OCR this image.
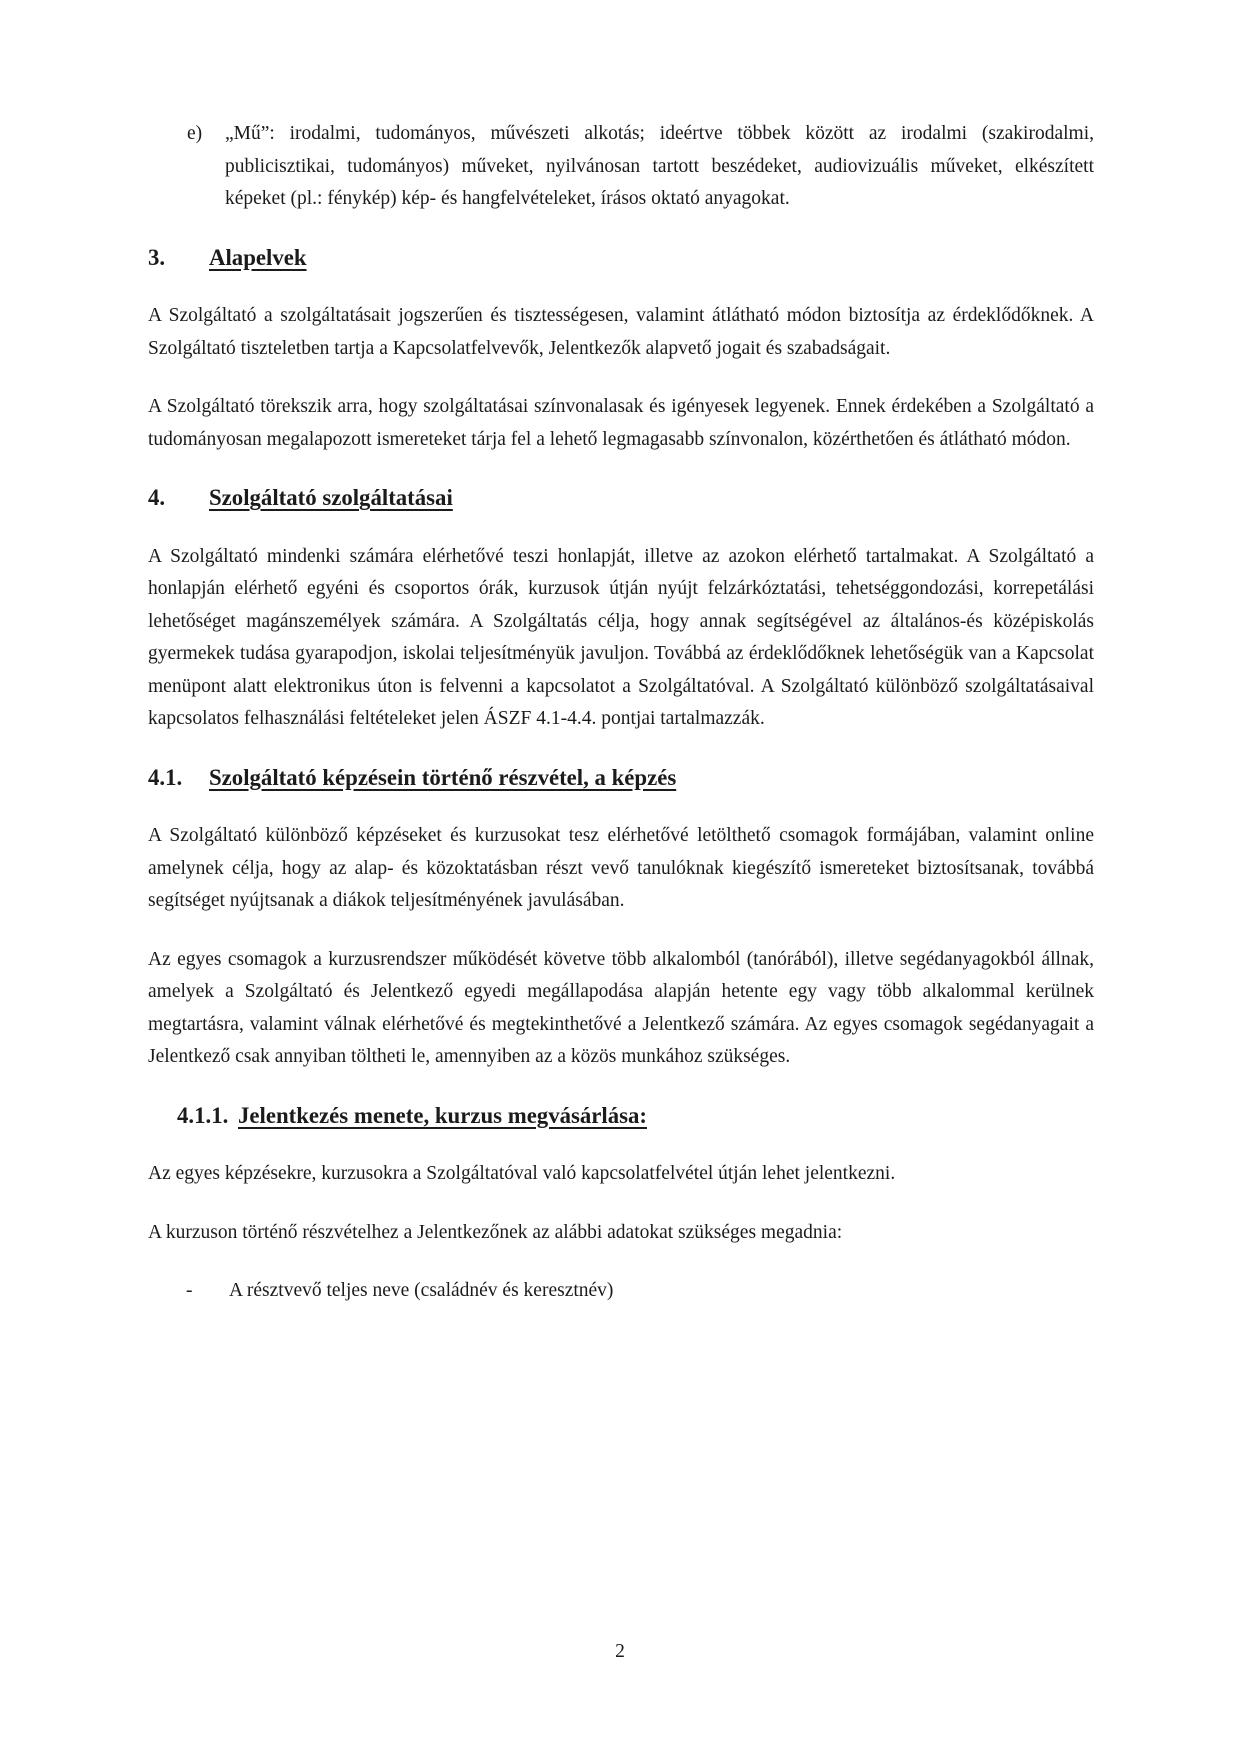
e)	„Mű”: irodalmi, tudományos, művészeti alkotás; ideértve többek között az irodalmi (szakirodalmi, publicisztikai, tudományos) műveket, nyilvánosan tartott beszédeket, audiovizuális műveket, elkészített képeket (pl.: fénykép) kép- és hangfelvételeket, írásos oktató anyagokat.
3.	Alapelvek

A Szolgáltató a szolgáltatásait jogszerűen és tisztességesen, valamint átlátható módon biztosítja az érdeklődőknek. A Szolgáltató tiszteletben tartja a Kapcsolatfelvevők, Jelentkezők alapvető jogait és szabadságait.

A Szolgáltató törekszik arra, hogy szolgáltatásai színvonalasak és igényesek legyenek. Ennek érdekében a Szolgáltató a tudományosan megalapozott ismereteket tárja fel a lehető legmagasabb színvonalon, közérthetően és átlátható módon.

4.	Szolgáltató szolgáltatásai

A Szolgáltató mindenki számára elérhetővé teszi honlapját, illetve az azokon elérhető tartalmakat. A Szolgáltató a honlapján elérhető egyéni és csoportos órák, kurzusok útján nyújt felzárkóztatási, tehetséggondozási, korrepetálási lehetőséget magánszemélyek számára. A Szolgáltatás célja, hogy annak segítségével az általános-és középiskolás gyermekek tudása gyarapodjon, iskolai teljesítményük javuljon. Továbbá az érdeklődőknek lehetőségük van a Kapcsolat menüpont alatt elektronikus úton is felvenni a kapcsolatot a Szolgáltatóval. A Szolgáltató különböző szolgáltatásaival kapcsolatos felhasználási feltételeket jelen ÁSZF 4.1-4.4. pontjai tartalmazzák.

4.1.	Szolgáltató képzésein történő részvétel, a képzés

A Szolgáltató különböző képzéseket és kurzusokat tesz elérhetővé letölthető csomagok formájában, valamint online amelynek célja, hogy az alap- és közoktatásban részt vevő tanulóknak kiegészítő ismereteket biztosítsanak, továbbá segítséget nyújtsanak a diákok teljesítményének javulásában.

Az egyes csomagok a kurzusrendszer működését követve több alkalomból (tanórából), illetve segédanyagokból állnak, amelyek a Szolgáltató és Jelentkező egyedi megállapodása alapján hetente egy vagy több alkalommal kerülnek megtartásra, valamint válnak elérhetővé és megtekinthetővé a Jelentkező számára. Az egyes csomagok segédanyagait a Jelentkező csak annyiban töltheti le, amennyiben az a közös munkához szükséges.

4.1.1. Jelentkezés menete, kurzus megvásárlása:

Az egyes képzésekre, kurzusokra a Szolgáltatóval való kapcsolatfelvétel útján lehet jelentkezni.

A kurzuson történő részvételhez a Jelentkezőnek az alábbi adatokat szükséges megadnia:

-	A résztvevő teljes neve (családnév és keresztnév)
2
